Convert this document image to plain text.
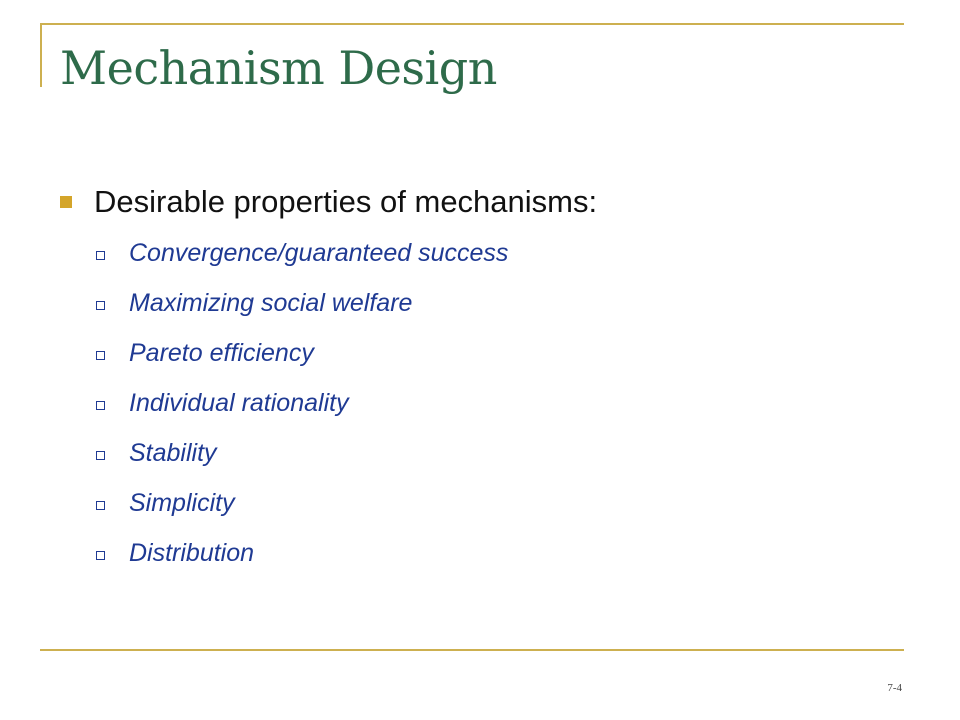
Mechanism Design
Desirable properties of mechanisms:
Convergence/guaranteed success
Maximizing social welfare
Pareto efficiency
Individual rationality
Stability
Simplicity
Distribution
7-4
